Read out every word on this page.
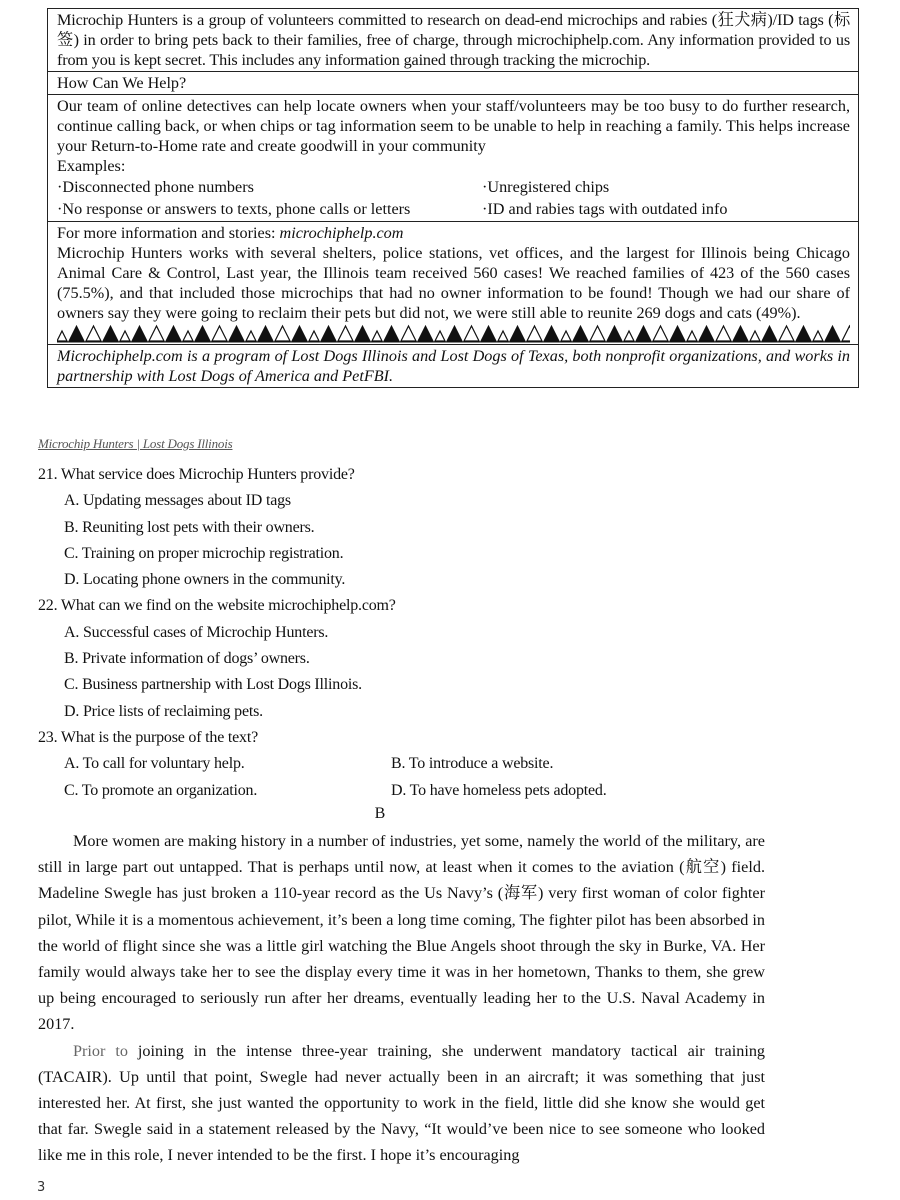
Microchip Hunters is a group of volunteers committed to research on dead-end microchips and rabies (狂犬病)/ID tags (标签) in order to bring pets back to their families, free of charge, through microchiphelp.com. Any information provided to us from you is kept secret. This includes any information gained through tracking the microchip.
How Can We Help?
Our team of online detectives can help locate owners when your staff/volunteers may be too busy to do further research, continue calling back, or when chips or tag information seem to be unable to help in reaching a family. This helps increase your Return-to-Home rate and create goodwill in your community
Examples:
·Disconnected phone numbers	·Unregistered chips
·No response or answers to texts, phone calls or letters	·ID and rabies tags with outdated info
For more information and stories: microchiphelp.com
Microchip Hunters works with several shelters, police stations, vet offices, and the largest for Illinois being Chicago Animal Care & Control, Last year, the Illinois team received 560 cases! We reached families of 423 of the 560 cases (75.5%), and that included those microchips that had no owner information to be found! Though we had our share of owners say they were going to reclaim their pets but did not, we were still able to reunite 269 dogs and cats (49%).
Microchiphelp.com is a program of Lost Dogs Illinois and Lost Dogs of Texas, both nonprofit organizations, and works in partnership with Lost Dogs of America and PetFBI.
Microchip Hunters | Lost Dogs Illinois
21. What service does Microchip Hunters provide?
A. Updating messages about ID tags
B. Reuniting lost pets with their owners.
C. Training on proper microchip registration.
D. Locating phone owners in the community.
22. What can we find on the website microchiphelp.com?
A. Successful cases of Microchip Hunters.
B. Private information of dogs’ owners.
C. Business partnership with Lost Dogs Illinois.
D. Price lists of reclaiming pets.
23. What is the purpose of the text?
A. To call for voluntary help.	B. To introduce a website.
C. To promote an organization.	D. To have homeless pets adopted.
B

More women are making history in a number of industries, yet some, namely the world of the military, are still in large part out untapped. That is perhaps until now, at least when it comes to the aviation (航空) field. Madeline Swegle has just broken a 110-year record as the Us Navy’s (海军) very first woman of color fighter pilot, While it is a momentous achievement, it’s been a long time coming, The fighter pilot has been absorbed in the world of flight since she was a little girl watching the Blue Angels shoot through the sky in Burke, VA. Her family would always take her to see the display every time it was in her hometown, Thanks to them, she grew up being encouraged to seriously run after her dreams, eventually leading her to the U.S. Naval Academy in 2017.

Prior to joining in the intense three-year training, she underwent mandatory tactical air training (TACAIR). Up until that point, Swegle had never actually been in an aircraft; it was something that just interested her. At first, she just wanted the opportunity to work in the field, little did she know she would get that far. Swegle said in a statement released by the Navy, “It would’ve been nice to see someone who looked like me in this role, I never intended to be the first. I hope it’s encouraging

3
